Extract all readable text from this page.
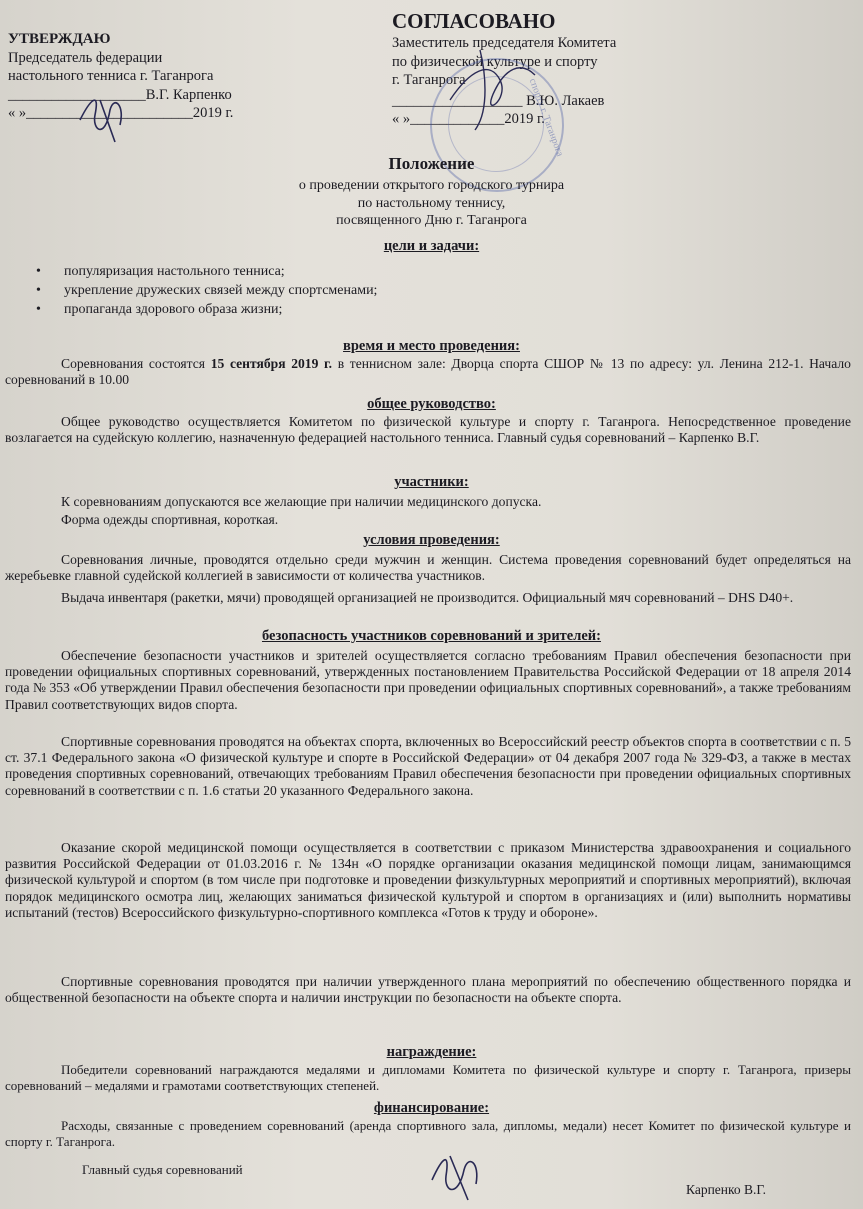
УТВЕРЖДАЮ
Председатель федерации
настольного тенниса г. Таганрога
___________________В.Г. Карпенко
« »_______________________2019 г.
СОГЛАСОВАНО
Заместитель председателя Комитета
по физической культуре и спорту
г. Таганрога
__________________ В.Ю. Лакаев
« »_____________2019 г.
спорту г. Таганрога
Положение
о проведении открытого городского турнира
по настольному теннису,
посвященного Дню г. Таганрога
цели и задачи:
• популяризация настольного тенниса;
• укрепление дружеских связей между спортсменами;
• пропаганда здорового образа жизни;
время и место проведения:
Соревнования состоятся 15 сентября 2019 г. в теннисном зале: Дворца спорта СШОР № 13 по адресу: ул. Ленина 212-1. Начало соревнований в 10.00
общее руководство:
Общее руководство осуществляется Комитетом по физической культуре и спорту г. Таганрога. Непосредственное проведение возлагается на судейскую коллегию, назначенную федерацией настольного тенниса. Главный судья соревнований – Карпенко В.Г.
участники:
К соревнованиям допускаются все желающие при наличии медицинского допуска.
Форма одежды спортивная, короткая.
условия проведения:
Соревнования личные, проводятся отдельно среди мужчин и женщин. Система проведения соревнований будет определяться на жеребьевке главной судейской коллегией в зависимости от количества участников.
Выдача инвентаря (ракетки, мячи) проводящей организацией не производится. Официальный мяч соревнований – DHS D40+.
безопасность участников соревнований и зрителей:
Обеспечение безопасности участников и зрителей осуществляется согласно требованиям Правил обеспечения безопасности при проведении официальных спортивных соревнований, утвержденных постановлением Правительства Российской Федерации от 18 апреля 2014 года № 353 «Об утверждении Правил обеспечения безопасности при проведении официальных спортивных соревнований», а также требованиям Правил соответствующих видов спорта.
Спортивные соревнования проводятся на объектах спорта, включенных во Всероссийский реестр объектов спорта в соответствии с п. 5 ст. 37.1 Федерального закона «О физической культуре и спорте в Российской Федерации» от 04 декабря 2007 года № 329-ФЗ, а также в местах проведения спортивных соревнований, отвечающих требованиям Правил обеспечения безопасности при проведении официальных спортивных соревнований в соответствии с п. 1.6 статьи 20 указанного Федерального закона.
Оказание скорой медицинской помощи осуществляется в соответствии с приказом Министерства здравоохранения и социального развития Российской Федерации от 01.03.2016 г. № 134н «О порядке организации оказания медицинской помощи лицам, занимающимся физической культурой и спортом (в том числе при подготовке и проведении физкультурных мероприятий и спортивных мероприятий), включая порядок медицинского осмотра лиц, желающих заниматься физической культурой и спортом в организациях и (или) выполнить нормативы испытаний (тестов) Всероссийского физкультурно-спортивного комплекса «Готов к труду и обороне».
Спортивные соревнования проводятся при наличии утвержденного плана мероприятий по обеспечению общественного порядка и общественной безопасности на объекте спорта и наличии инструкции по безопасности на объекте спорта.
награждение:
Победители соревнований награждаются медалями и дипломами Комитета по физической культуре и спорту г. Таганрога, призеры соревнований – медалями и грамотами соответствующих степеней.
финансирование:
Расходы, связанные с проведением соревнований (аренда спортивного зала, дипломы, медали) несет Комитет по физической культуре и спорту г. Таганрога.
Главный судья соревнований
Карпенко В.Г.
